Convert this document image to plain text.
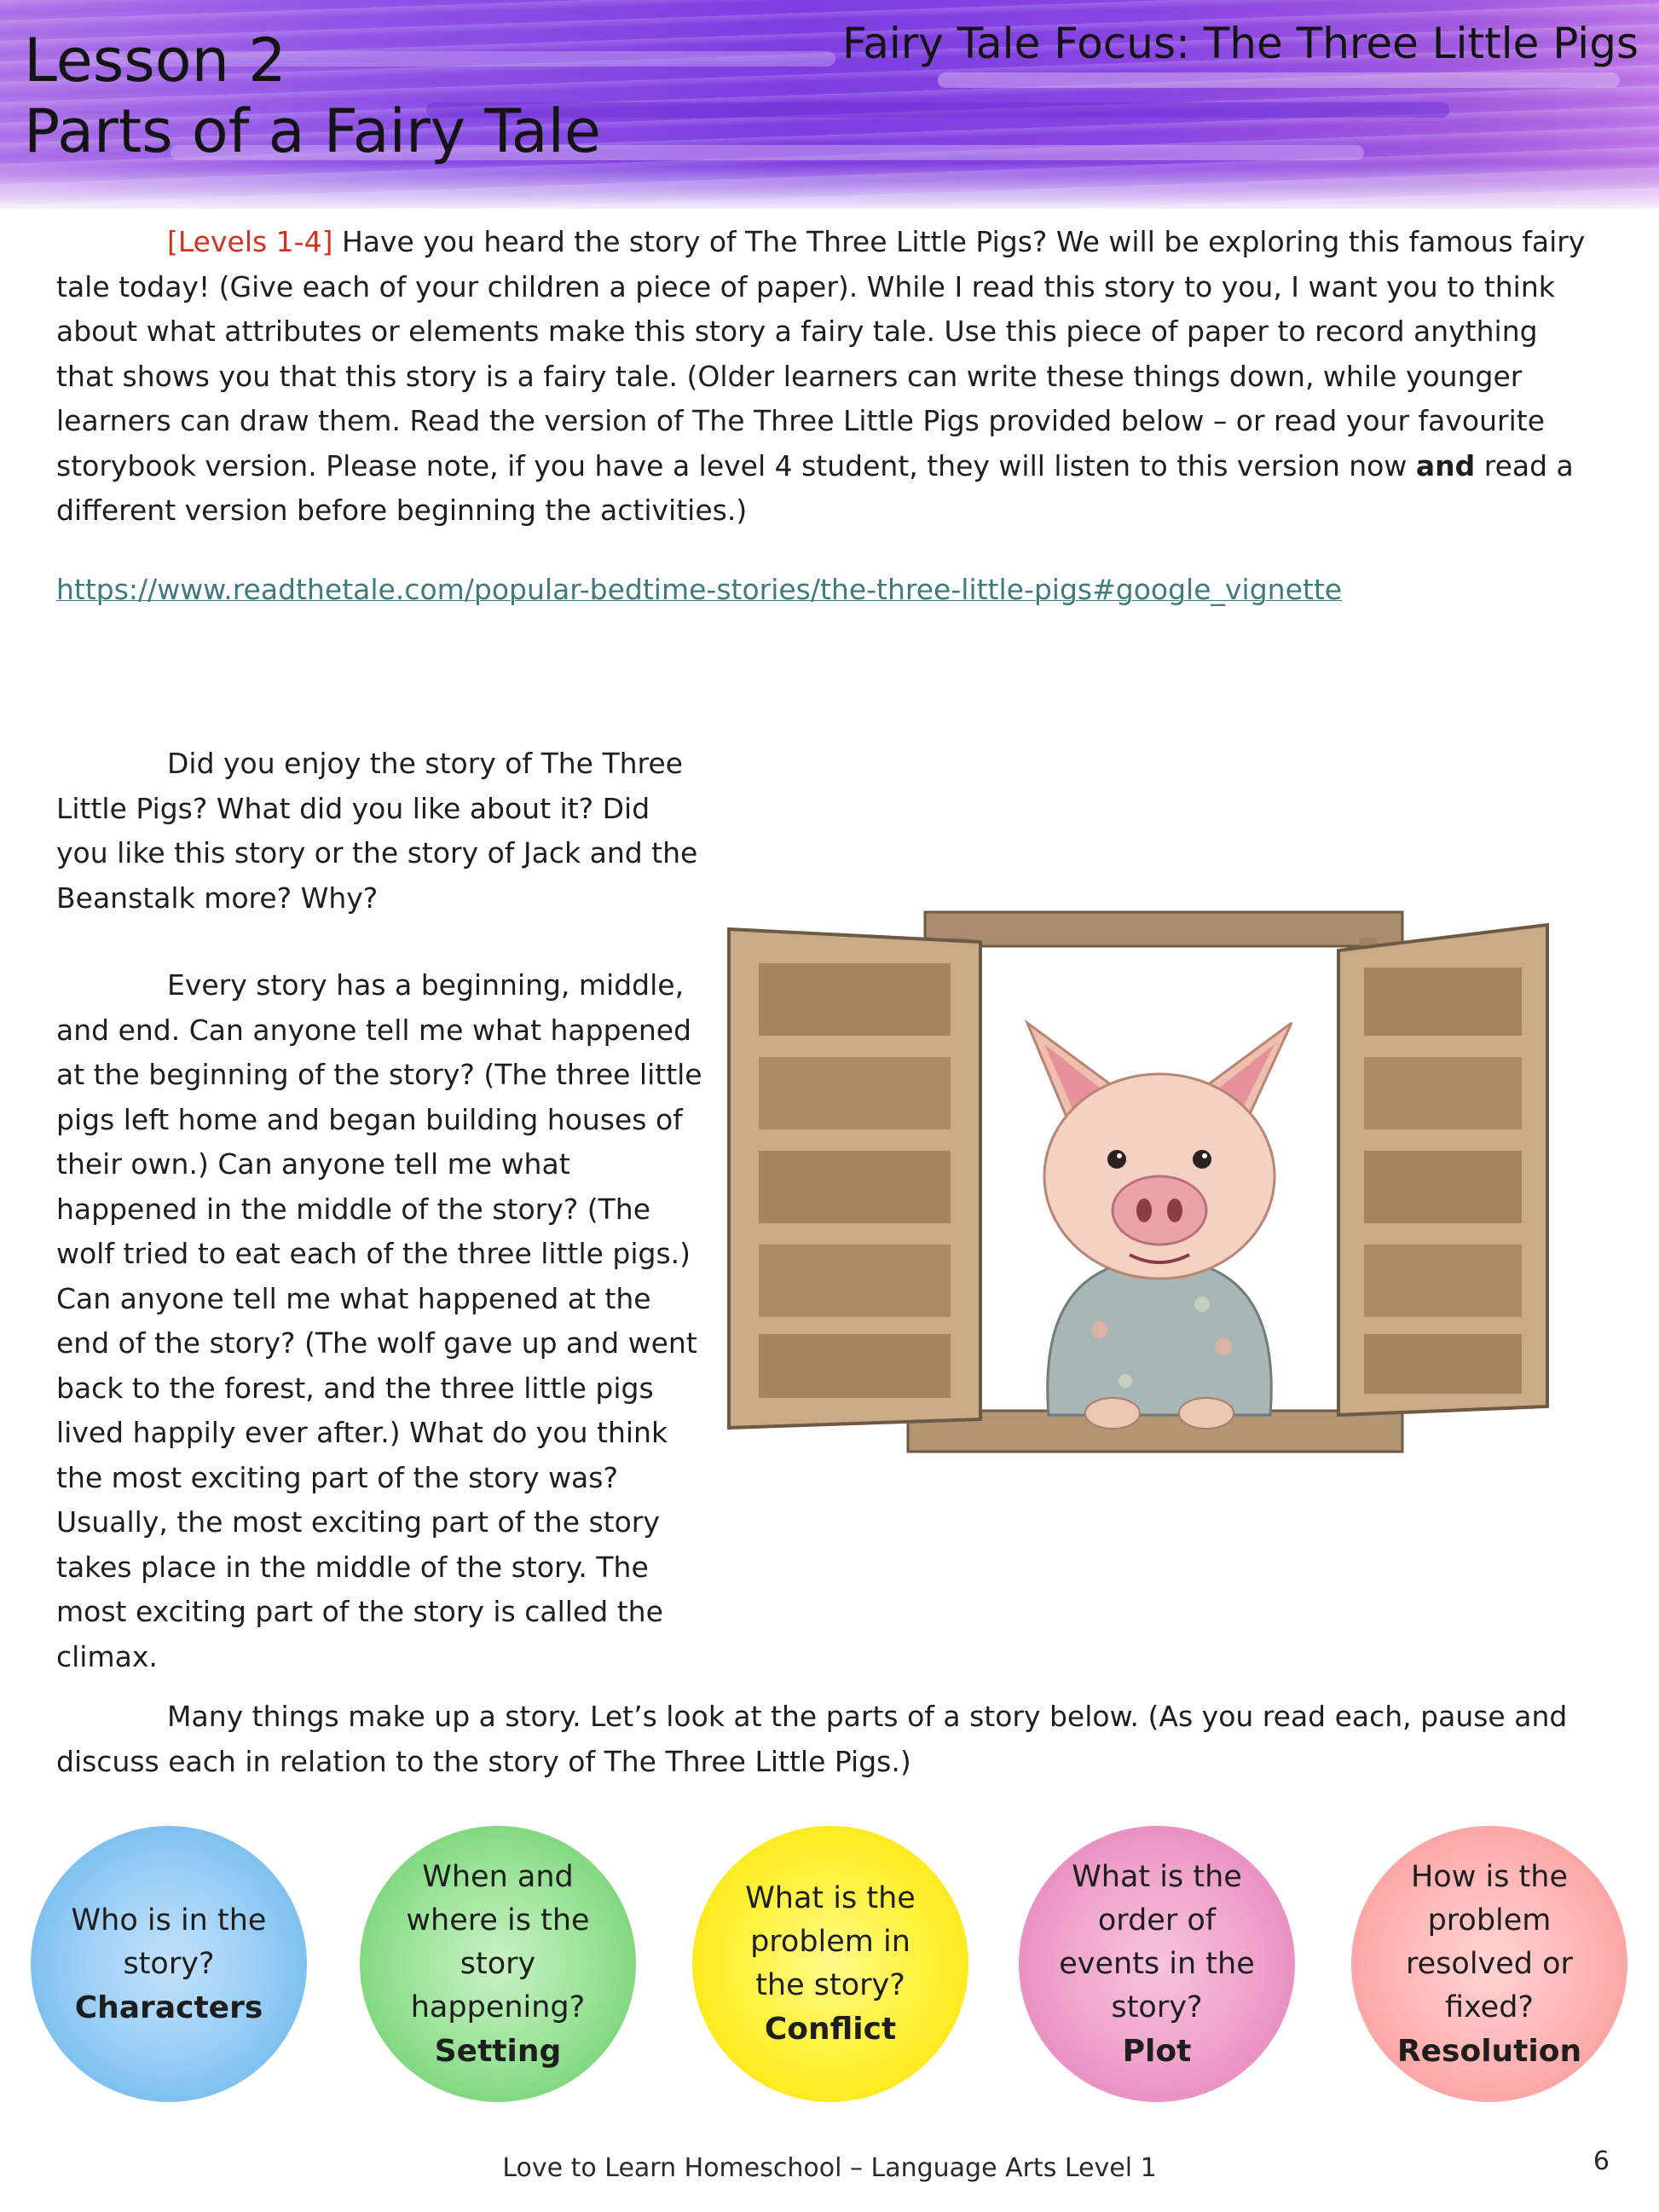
Lesson 2
Parts of a Fairy Tale
Fairy Tale Focus: The Three Little Pigs

[Levels 1-4] Have you heard the story of The Three Little Pigs? We will be exploring this famous fairy tale today! (Give each of your children a piece of paper). While I read this story to you, I want you to think about what attributes or elements make this story a fairy tale. Use this piece of paper to record anything that shows you that this story is a fairy tale. (Older learners can write these things down, while younger learners can draw them. Read the version of The Three Little Pigs provided below – or read your favourite storybook version. Please note, if you have a level 4 student, they will listen to this version now and read a different version before beginning the activities.)

https://www.readthetale.com/popular-bedtime-stories/the-three-little-pigs#google_vignette

Did you enjoy the story of The Three Little Pigs? What did you like about it? Did you like this story or the story of Jack and the Beanstalk more? Why?

Every story has a beginning, middle, and end. Can anyone tell me what happened at the beginning of the story? (The three little pigs left home and began building houses of their own.) Can anyone tell me what happened in the middle of the story? (The wolf tried to eat each of the three little pigs.) Can anyone tell me what happened at the end of the story? (The wolf gave up and went back to the forest, and the three little pigs lived happily ever after.) What do you think the most exciting part of the story was? Usually, the most exciting part of the story takes place in the middle of the story. The most exciting part of the story is called the climax.

Many things make up a story. Let’s look at the parts of a story below. (As you read each, pause and discuss each in relation to the story of The Three Little Pigs.)

Who is in the story?
Characters
When and where is the story happening?
Setting
What is the problem in the story?
Conflict
What is the order of events in the story?
Plot
How is the problem resolved or fixed?
Resolution
Love to Learn Homeschool – Language Arts Level 1	6
